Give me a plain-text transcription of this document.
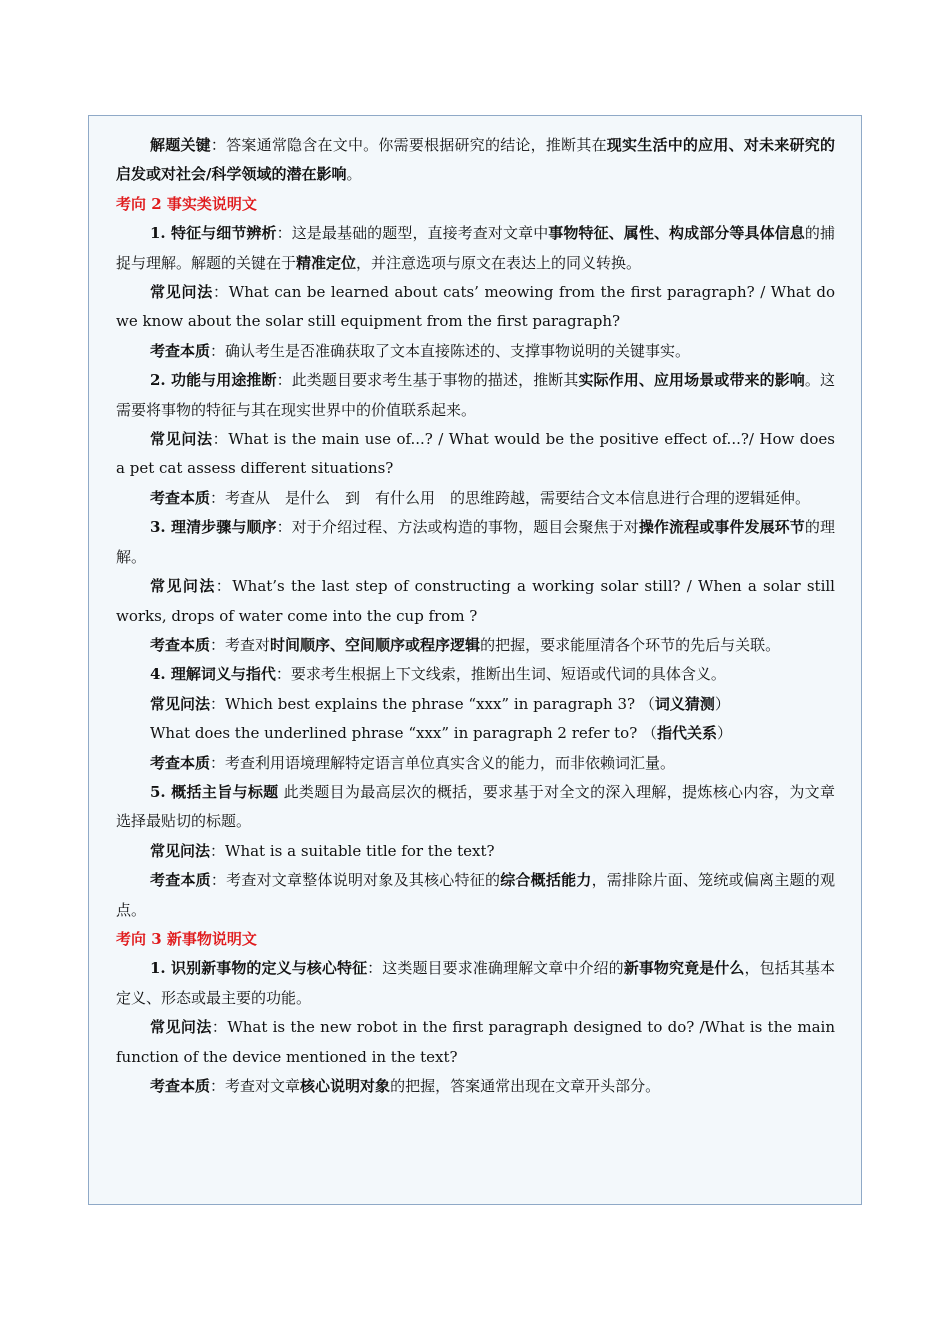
解题关键：答案通常隐含在文中。你需要根据研究的结论，推断其在现实生活中的应用、对未来研究的启发或对社会/科学领域的潜在影响。

考向 2 事实类说明文

1. 特征与细节辨析：这是最基础的题型，直接考查对文章中事物特征、属性、构成部分等具体信息的捕捉与理解。解题的关键在于精准定位，并注意选项与原文在表达上的同义转换。

常见问法：What can be learned about cats’ meowing from the first paragraph? / What do we know about the solar still equipment from the first paragraph?

考查本质：确认考生是否准确获取了文本直接陈述的、支撑事物说明的关键事实。

2. 功能与用途推断：此类题目要求考生基于事物的描述，推断其实际作用、应用场景或带来的影响。这需要将事物的特征与其在现实世界中的价值联系起来。

常见问法：What is the main use of...? / What would be the positive effect of...?/ How does a pet cat assess different situations?

考查本质：考查从　是什么　到　有什么用　的思维跨越，需要结合文本信息进行合理的逻辑延伸。

3. 理清步骤与顺序：对于介绍过程、方法或构造的事物，题目会聚焦于对操作流程或事件发展环节的理解。

常见问法：What’s the last step of constructing a working solar still? / When a solar still works, drops of water come into the cup from ?

考查本质：考查对时间顺序、空间顺序或程序逻辑的把握，要求能厘清各个环节的先后与关联。

4. 理解词义与指代：要求考生根据上下文线索，推断出生词、短语或代词的具体含义。

常见问法：Which best explains the phrase “xxx” in paragraph 3? （词义猜测）

What does the underlined phrase “xxx” in paragraph 2 refer to? （指代关系）

考查本质：考查利用语境理解特定语言单位真实含义的能力，而非依赖词汇量。

5. 概括主旨与标题 此类题目为最高层次的概括，要求基于对全文的深入理解，提炼核心内容，为文章选择最贴切的标题。

常见问法：What is a suitable title for the text?

考查本质：考查对文章整体说明对象及其核心特征的综合概括能力，需排除片面、笼统或偏离主题的观点。

考向 3 新事物说明文

1. 识别新事物的定义与核心特征：这类题目要求准确理解文章中介绍的新事物究竟是什么，包括其基本定义、形态或最主要的功能。

常见问法：What is the new robot in the first paragraph designed to do? /What is the main function of the device mentioned in the text?

考查本质：考查对文章核心说明对象的把握，答案通常出现在文章开头部分。
